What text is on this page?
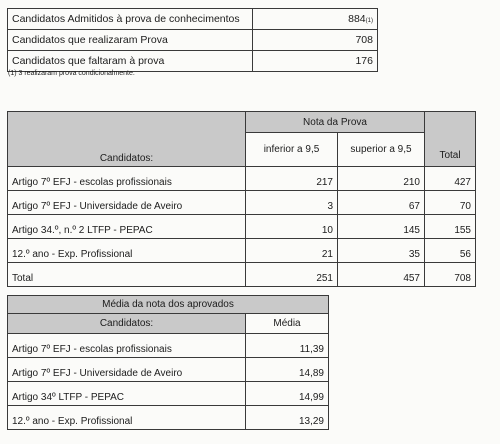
Candidatos Admitidos à prova de conhecimentos	884(1)
Candidatos que realizaram Prova	708
Candidatos que faltaram à prova	176
(1) 3 realizaram prova condicionalmente.
Candidatos:	Nota da Prova		Total
	inferior a 9,5	superior a 9,5	
Artigo 7º EFJ - escolas profissionais	217	210	427
Artigo 7º EFJ - Universidade de Aveiro	3	67	70
Artigo 34.º, n.º 2 LTFP - PEPAC	10	145	155
12.º ano - Exp. Profissional	21	35	56
Total	251	457	708
Média da nota dos aprovados	
Candidatos:	Média
Artigo 7º EFJ - escolas profissionais	11,39
Artigo 7º EFJ - Universidade de Aveiro	14,89
Artigo 34º LTFP - PEPAC	14,99
12.º ano - Exp. Profissional	13,29
